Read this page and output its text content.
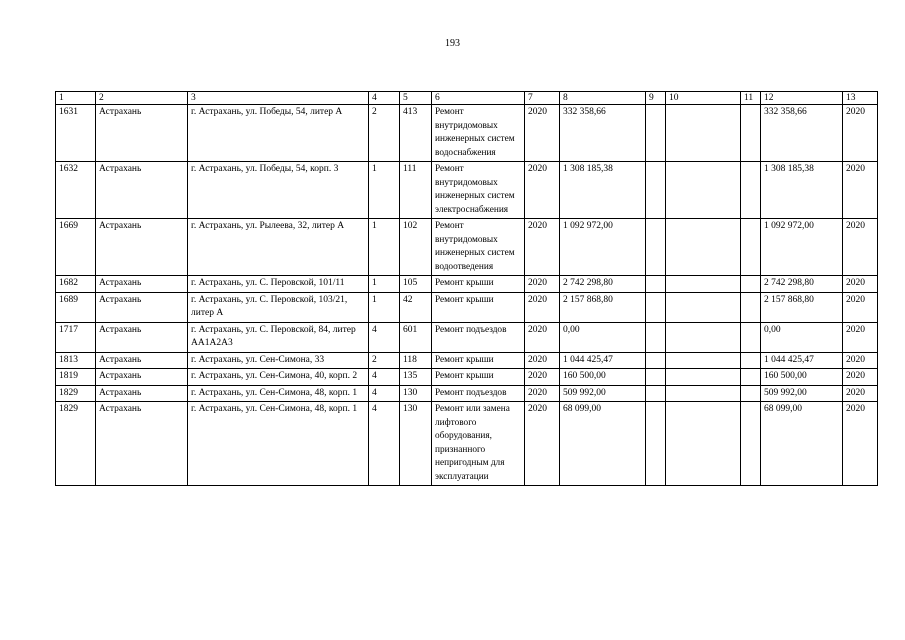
193
1	2	3	4	5	6	7	8	9	10	11	12	13
1631	Астрахань	г. Астрахань, ул. Победы, 54, литер А	2	413	Ремонт внутридомовых инженерных систем водоснабжения	2020	332 358,66				332 358,66	2020
1632	Астрахань	г. Астрахань, ул. Победы, 54, корп. 3	1	111	Ремонт внутридомовых инженерных систем электроснабжения	2020	1 308 185,38				1 308 185,38	2020
1669	Астрахань	г. Астрахань, ул. Рылеева, 32, литер А	1	102	Ремонт внутридомовых инженерных систем водоотведения	2020	1 092 972,00				1 092 972,00	2020
1682	Астрахань	г. Астрахань, ул. С. Перовской, 101/11	1	105	Ремонт крыши	2020	2 742 298,80				2 742 298,80	2020
1689	Астрахань	г. Астрахань, ул. С. Перовской, 103/21, литер А	1	42	Ремонт крыши	2020	2 157 868,80				2 157 868,80	2020
1717	Астрахань	г. Астрахань, ул. С. Перовской, 84, литер АА1А2А3	4	601	Ремонт подъездов	2020	0,00				0,00	2020
1813	Астрахань	г. Астрахань, ул. Сен-Симона, 33	2	118	Ремонт крыши	2020	1 044 425,47				1 044 425,47	2020
1819	Астрахань	г. Астрахань, ул. Сен-Симона, 40, корп. 2	4	135	Ремонт крыши	2020	160 500,00				160 500,00	2020
1829	Астрахань	г. Астрахань, ул. Сен-Симона, 48, корп. 1	4	130	Ремонт подъездов	2020	509 992,00				509 992,00	2020
1829	Астрахань	г. Астрахань, ул. Сен-Симона, 48, корп. 1	4	130	Ремонт или замена лифтового оборудования, признанного непригодным для эксплуатации	2020	68 099,00				68 099,00	2020
